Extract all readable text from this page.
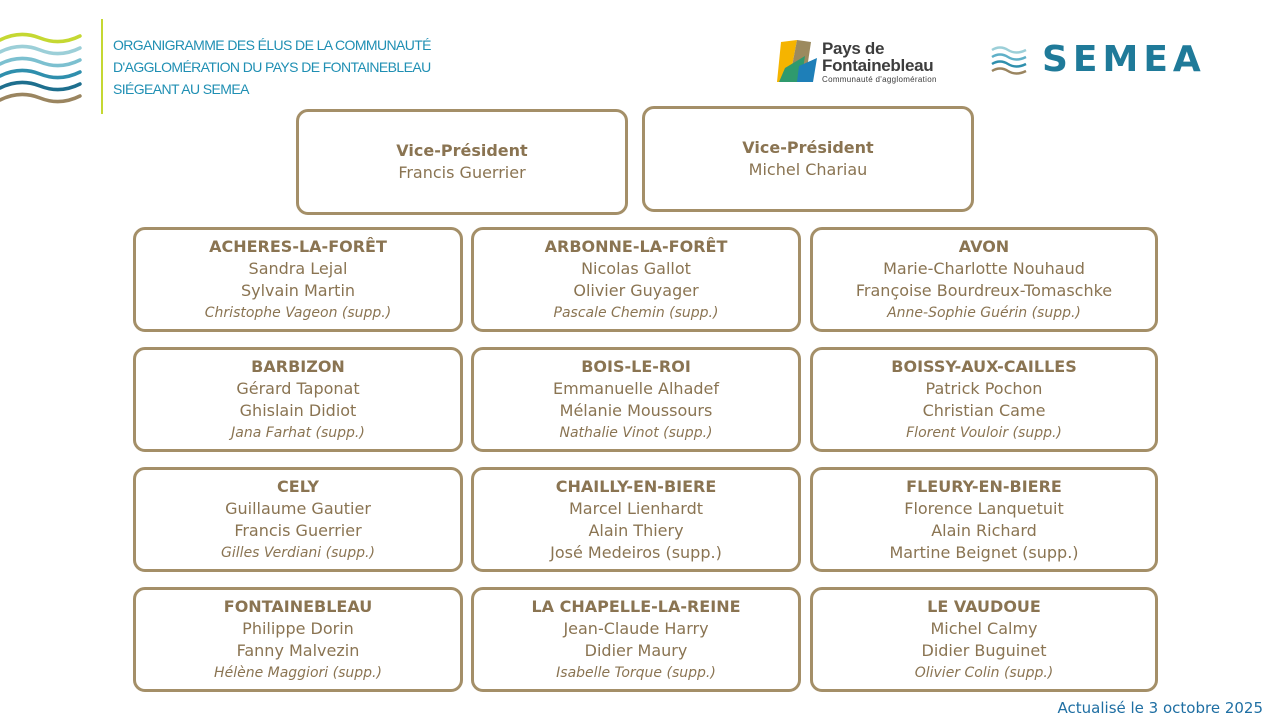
ORGANIGRAMME DES ÉLUS DE LA COMMUNAUTÉ
D'AGGLOMÉRATION DU PAYS DE FONTAINEBLEAU
SIÉGEANT AU SEMEA
Pays de
Fontainebleau
Communauté d'agglomération	SEMEA
Vice-Président
Francis Guerrier
Vice-Président
Michel Chariau
ACHERES-LA-FORÊT
Sandra Lejal
Sylvain Martin
Christophe Vageon (supp.)
ARBONNE-LA-FORÊT
Nicolas Gallot
Olivier Guyager
Pascale Chemin (supp.)
AVON
Marie-Charlotte Nouhaud
Françoise Bourdreux-Tomaschke
Anne-Sophie Guérin (supp.)
BARBIZON
Gérard Taponat
Ghislain Didiot
Jana Farhat (supp.)
BOIS-LE-ROI
Emmanuelle Alhadef
Mélanie Moussours
Nathalie Vinot (supp.)
BOISSY-AUX-CAILLES
Patrick Pochon
Christian Came
Florent Vouloir (supp.)
CELY
Guillaume Gautier
Francis Guerrier
Gilles Verdiani (supp.)
CHAILLY-EN-BIERE
Marcel Lienhardt
Alain Thiery
José Medeiros (supp.)
FLEURY-EN-BIERE
Florence Lanquetuit
Alain Richard
Martine Beignet (supp.)
FONTAINEBLEAU
Philippe Dorin
Fanny Malvezin
Hélène Maggiori (supp.)
LA CHAPELLE-LA-REINE
Jean-Claude Harry
Didier Maury
Isabelle Torque (supp.)
LE VAUDOUE
Michel Calmy
Didier Buguinet
Olivier Colin (supp.)
Actualisé le 3 octobre 2025
